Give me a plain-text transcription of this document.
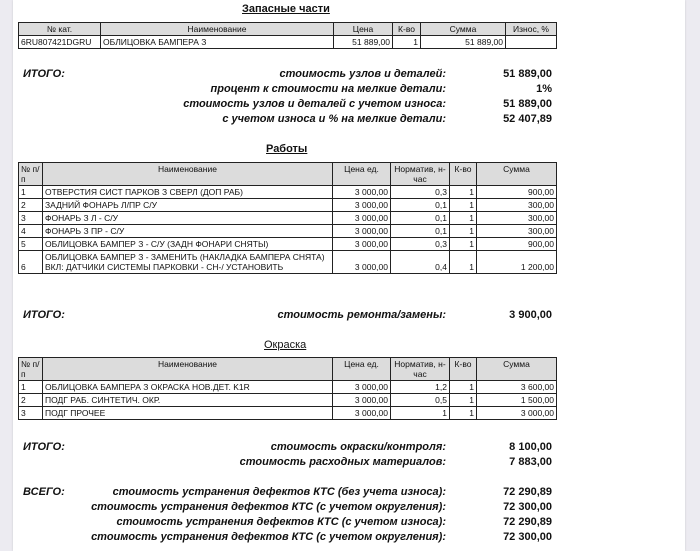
Запасные части
№ кат.	Наименование	Цена	К-во	Сумма	Износ, %
6RU807421DGRU	ОБЛИЦОВКА БАМПЕРА З	51 889,00	1	51 889,00	
ИТОГО:	стоимость узлов и деталей:	51 889,00
процент к стоимости на мелкие детали:	1%
стоимость узлов и деталей с учетом износа:	51 889,00
с учетом износа и % на мелкие детали:	52 407,89
Работы
№ п/п	Наименование	Цена ед.	Норматив, н-час	К-во	Сумма
1	ОТВЕРСТИЯ СИСТ ПАРКОВ З СВЕРЛ (ДОП РАБ)	3 000,00	0,3	1	900,00
2	ЗАДНИЙ ФОНАРЬ Л/ПР С/У	3 000,00	0,1	1	300,00
3	ФОНАРЬ З Л - С/У	3 000,00	0,1	1	300,00
4	ФОНАРЬ З ПР - С/У	3 000,00	0,1	1	300,00
5	ОБЛИЦОВКА БАМПЕР З - С/У (ЗАДН ФОНАРИ СНЯТЫ)	3 000,00	0,3	1	900,00
6	ОБЛИЦОВКА БАМПЕР З - ЗАМЕНИТЬ (НАКЛАДКА БАМПЕРА СНЯТА) ВКЛ: ДАТЧИКИ СИСТЕМЫ ПАРКОВКИ - СН-/ УСТАНОВИТЬ	3 000,00	0,4	1	1 200,00
ИТОГО:	стоимость ремонта/замены:	3 900,00
Окраска
№ п/п	Наименование	Цена ед.	Норматив, н-час	К-во	Сумма
1	ОБЛИЦОВКА БАМПЕРА З ОКРАСКА НОВ.ДЕТ. K1R	3 000,00	1,2	1	3 600,00
2	ПОДГ РАБ. СИНТЕТИЧ. ОКР.	3 000,00	0,5	1	1 500,00
3	ПОДГ ПРОЧЕЕ	3 000,00	1	1	3 000,00
ИТОГО:	стоимость окраски/контроля:	8 100,00
стоимость расходных материалов:	7 883,00
ВСЕГО:	стоимость устранения дефектов КТС (без учета износа):	72 290,89
стоимость устранения дефектов КТС (с учетом округления):	72 300,00
стоимость устранения дефектов КТС (с учетом износа):	72 290,89
стоимость устранения дефектов КТС (с учетом округления):	72 300,00
